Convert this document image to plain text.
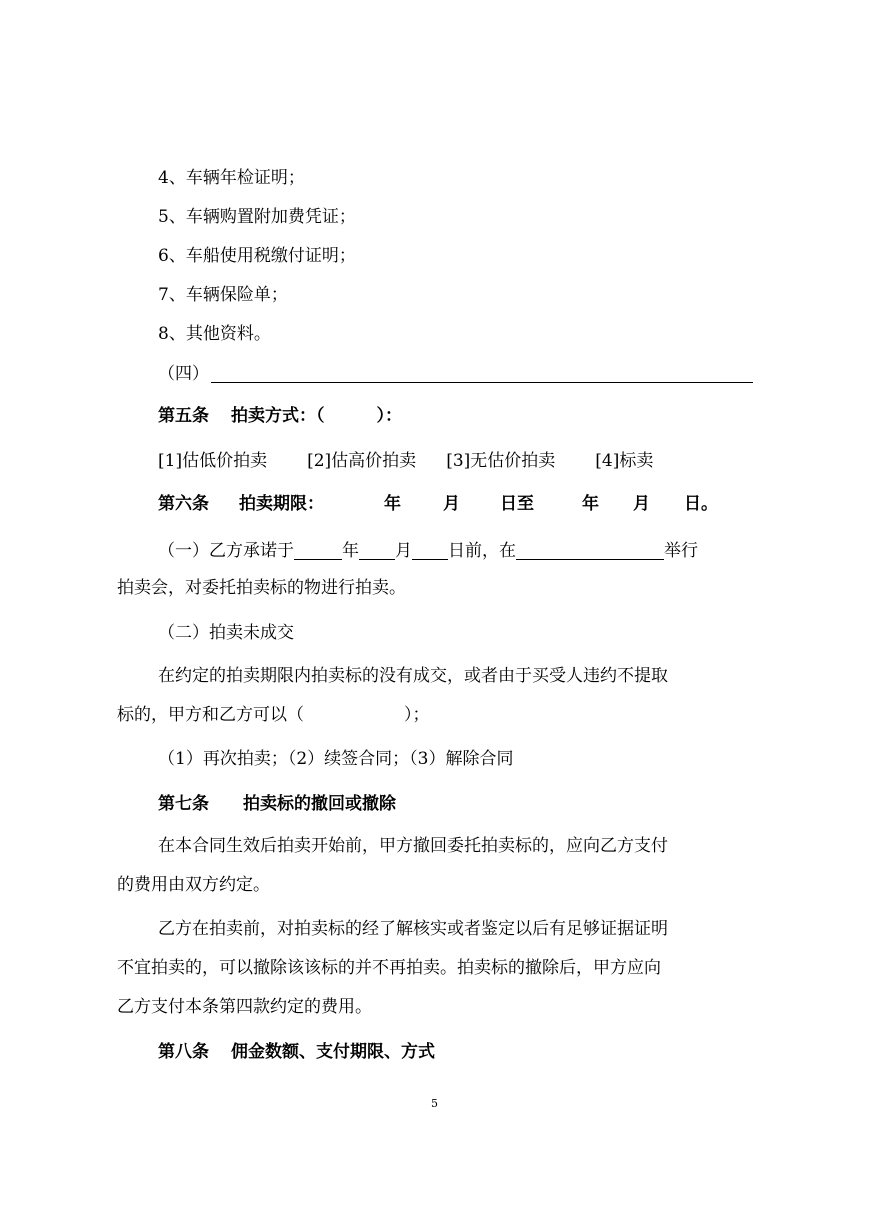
4、车辆年检证明；
5、车辆购置附加费凭证；
6、车船使用税缴付证明；
7、车辆保险单；
8、其他资料。
（四）
第五条 拍卖方式：（	）：
[1]估低价拍卖 [2]估高价拍卖 [3]无估价拍卖 [4]标卖
第六条 拍卖期限：	年 月 日至	年 月 日。
（一）乙方承诺于	年 月 日前，在	举行
拍卖会，对委托拍卖标的物进行拍卖。
（二）拍卖未成交
在约定的拍卖期限内拍卖标的没有成交，或者由于买受人违约不提取
标的，甲方和乙方可以（	）；
（1）再次拍卖；（2）续签合同；（3）解除合同
第七条 拍卖标的撤回或撤除
在本合同生效后拍卖开始前，甲方撤回委托拍卖标的，应向乙方支付
的费用由双方约定。
乙方在拍卖前，对拍卖标的经了解核实或者鉴定以后有足够证据证明
不宜拍卖的，可以撤除该该标的并不再拍卖。拍卖标的撤除后，甲方应向
乙方支付本条第四款约定的费用。
第八条 佣金数额、支付期限、方式
5
